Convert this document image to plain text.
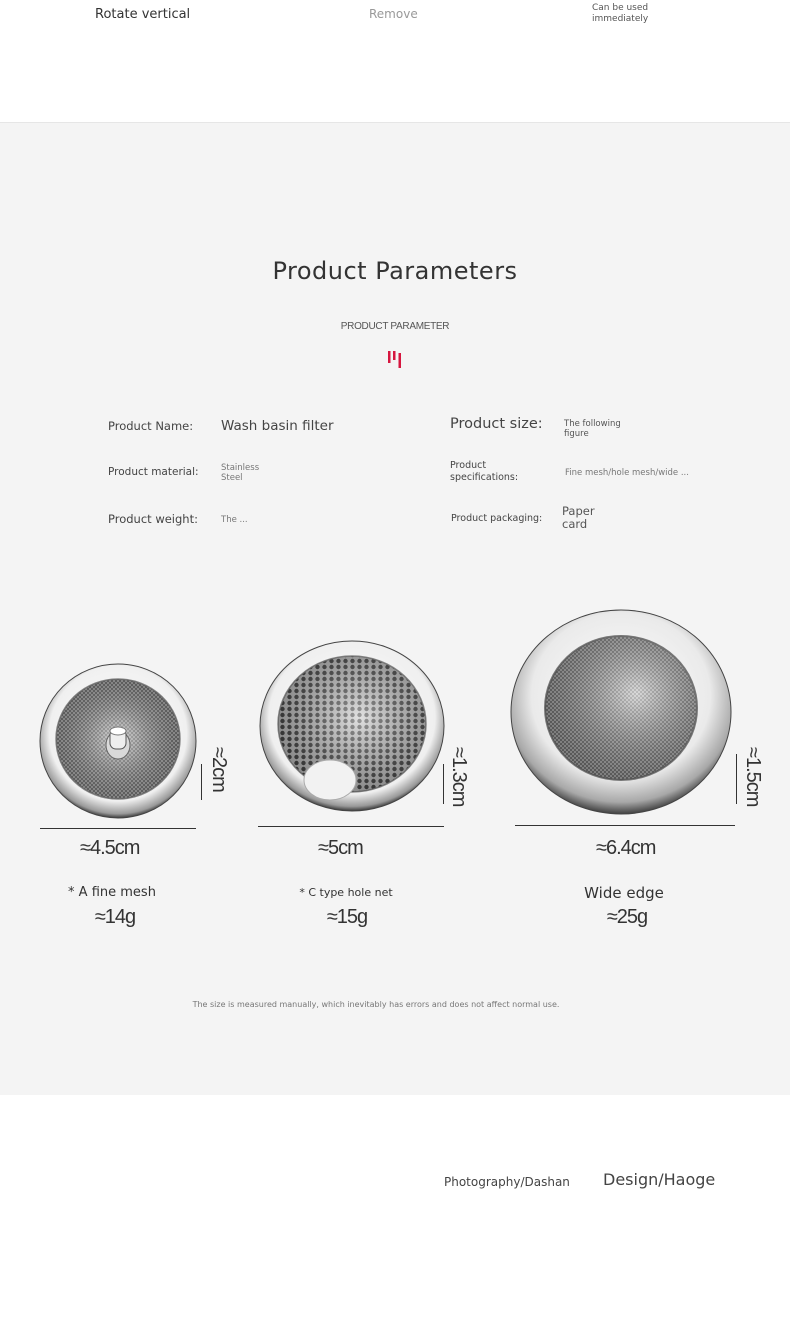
Rotate vertical	Remove	Can be used immediately
Product Parameters
PRODUCT PARAMETER
Product Name: Wash basin filter
Product material:	Stainless Steel
Product weight:	The ...
Product size:	The following figure
Product specifications:	Fine mesh/hole mesh/wide ...
Product packaging:
Paper card
≈4.5cm
≈2cm
* A fine mesh
≈14g
≈5cm
≈1.3cm
* C type hole net
≈15g
≈6.4cm
≈1.5cm
Wide edge
≈25g
The size is measured manually, which inevitably has errors and does not affect normal use.
Photography/Dashan Design/Haoge
